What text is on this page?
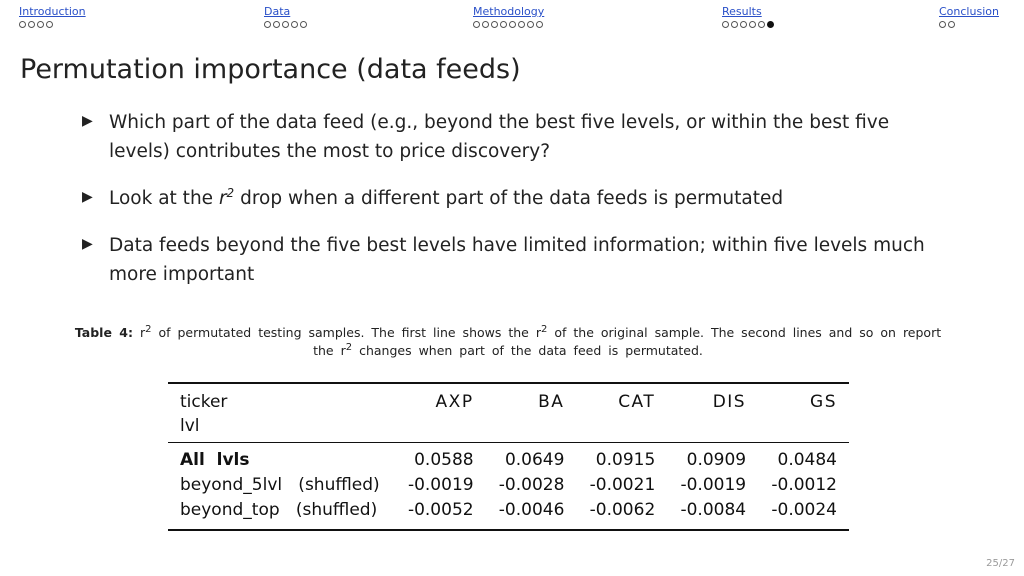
Introduction	Data	Methodology	Results	Conclusion
Permutation importance (data feeds)
▶ Which part of the data feed (e.g., beyond the best five levels, or within the best five levels) contributes the most to price discovery?
▶ Look at the $r^2$ drop when a different part of the data feeds is permutated
▶ Data feeds beyond the five best levels have limited information; within five levels much more important
Table 4: $r^2$ of permutated testing samples. The first line shows the $r^2$ of the original sample. The second lines and so on report the $r^2$ changes when part of the data feed is permutated.
ticker
lvl	AXP	BA	CAT	DIS	GS
All  lvls	0.0588	0.0649	0.0915	0.0909	0.0484
beyond_5lvl   (shuffled)	-0.0019	-0.0028	-0.0021	-0.0019	-0.0012
beyond_top   (shuffled)	-0.0052	-0.0046	-0.0062	-0.0084	-0.0024
25/27
